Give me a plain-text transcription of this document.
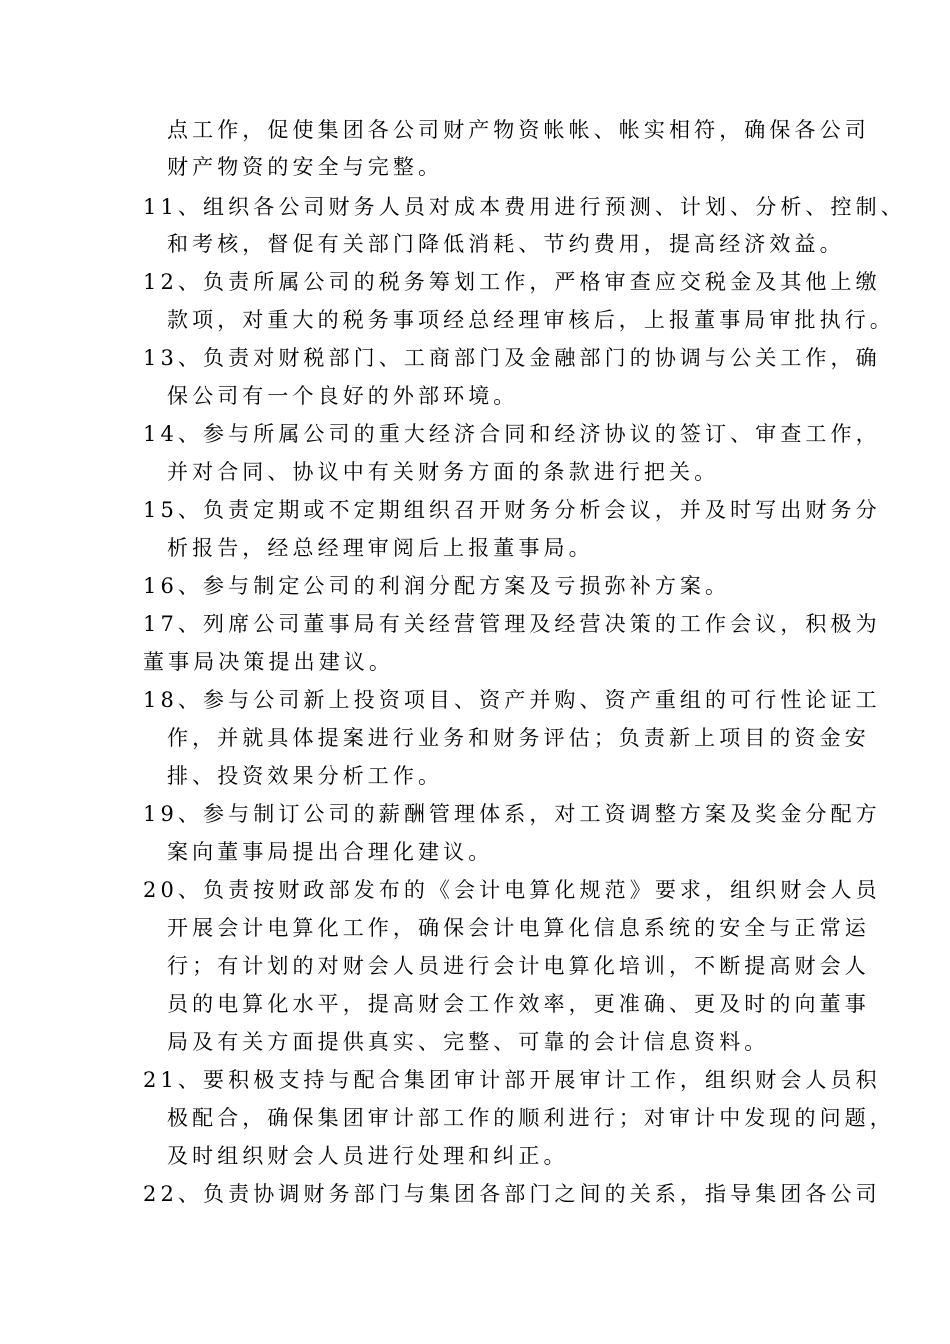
点工作，促使集团各公司财产物资帐帐、帐实相符，确保各公司
财产物资的安全与完整。
11、组织各公司财务人员对成本费用进行预测、计划、分析、控制、
和考核，督促有关部门降低消耗、节约费用，提高经济效益。
12、负责所属公司的税务筹划工作，严格审查应交税金及其他上缴
款项，对重大的税务事项经总经理审核后，上报董事局审批执行。
13、负责对财税部门、工商部门及金融部门的协调与公关工作，确
保公司有一个良好的外部环境。
14、参与所属公司的重大经济合同和经济协议的签订、审查工作，
并对合同、协议中有关财务方面的条款进行把关。
15、负责定期或不定期组织召开财务分析会议，并及时写出财务分
析报告，经总经理审阅后上报董事局。
16、参与制定公司的利润分配方案及亏损弥补方案。
17、列席公司董事局有关经营管理及经营决策的工作会议，积极为
董事局决策提出建议。
18、参与公司新上投资项目、资产并购、资产重组的可行性论证工
作，并就具体提案进行业务和财务评估；负责新上项目的资金安
排、投资效果分析工作。
19、参与制订公司的薪酬管理体系，对工资调整方案及奖金分配方
案向董事局提出合理化建议。
20、负责按财政部发布的《会计电算化规范》要求，组织财会人员
开展会计电算化工作，确保会计电算化信息系统的安全与正常运
行；有计划的对财会人员进行会计电算化培训，不断提高财会人
员的电算化水平，提高财会工作效率，更准确、更及时的向董事
局及有关方面提供真实、完整、可靠的会计信息资料。
21、要积极支持与配合集团审计部开展审计工作，组织财会人员积
极配合，确保集团审计部工作的顺利进行；对审计中发现的问题，
及时组织财会人员进行处理和纠正。
22、负责协调财务部门与集团各部门之间的关系，指导集团各公司
